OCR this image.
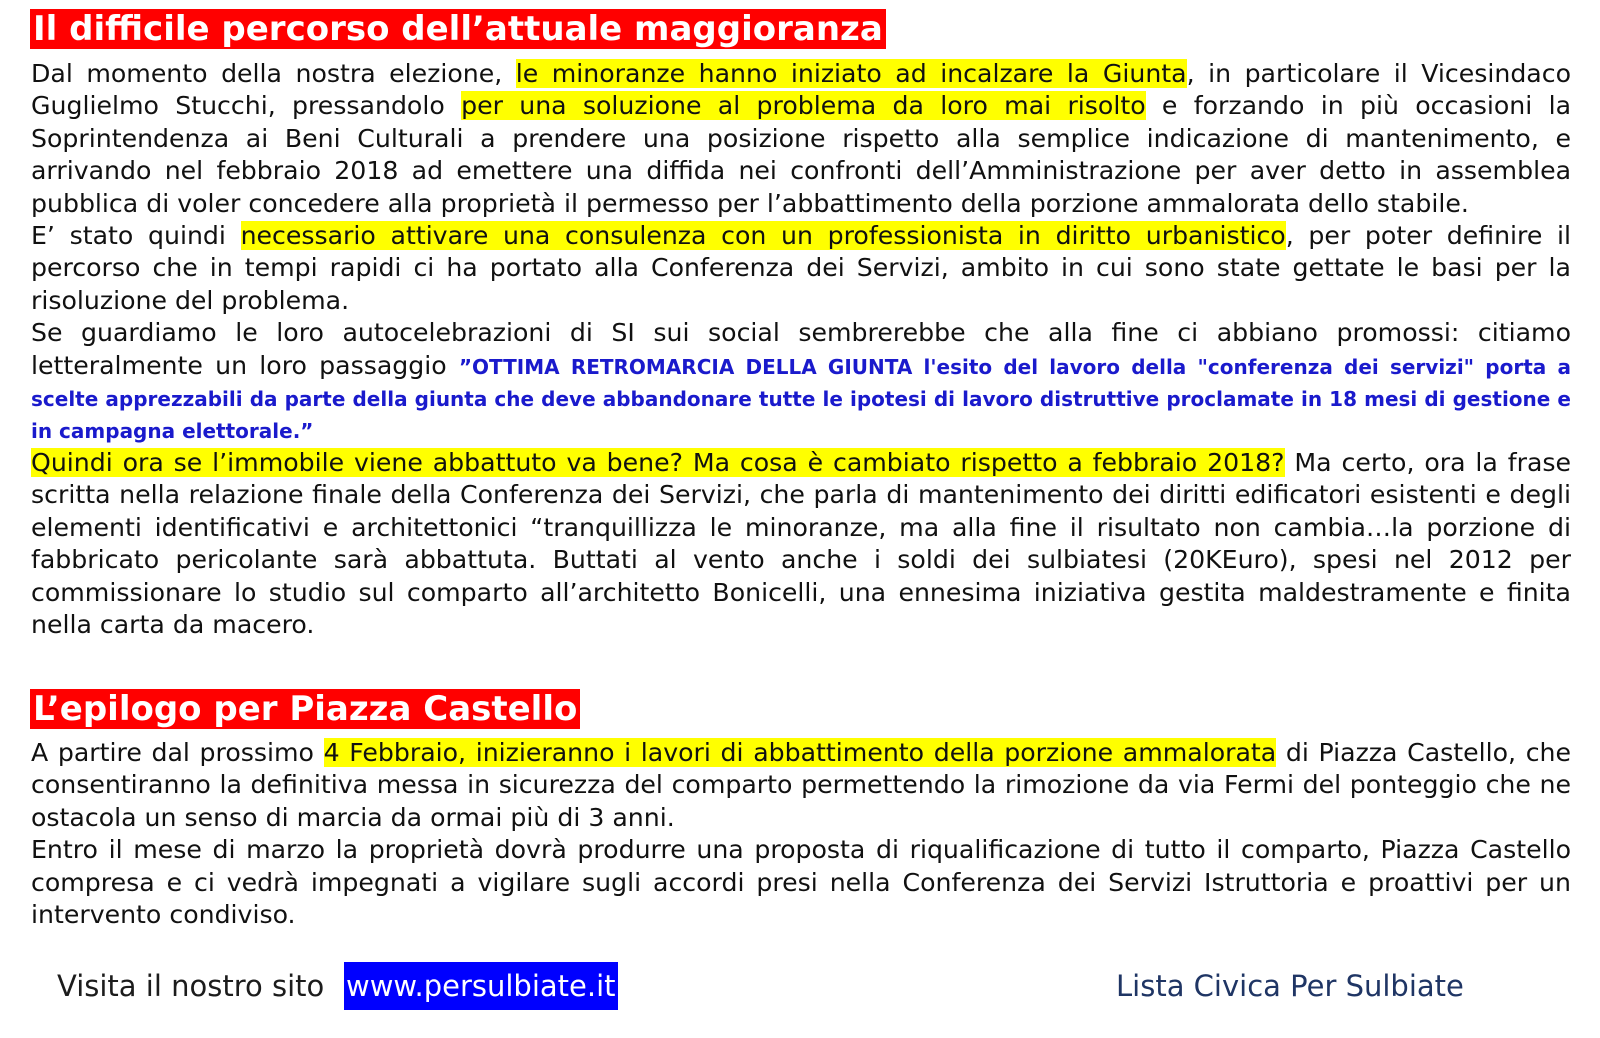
Il difficile percorso dell’attuale maggioranza

Dal momento della nostra elezione, le minoranze hanno iniziato ad incalzare la Giunta, in particolare il Vicesindaco Guglielmo Stucchi, pressandolo per una soluzione al problema da loro mai risolto e forzando in più occasioni la Soprintendenza ai Beni Culturali a prendere una posizione rispetto alla semplice indicazione di mantenimento, e arrivando nel febbraio 2018 ad emettere una diffida nei confronti dell’Amministrazione per aver detto in assemblea pubblica di voler concedere alla proprietà il permesso per l’abbattimento della porzione ammalorata dello stabile.

E’ stato quindi necessario attivare una consulenza con un professionista in diritto urbanistico, per poter definire il percorso che in tempi rapidi ci ha portato alla Conferenza dei Servizi, ambito in cui sono state gettate le basi per la risoluzione del problema.

Se guardiamo le loro autocelebrazioni di SI sui social sembrerebbe che alla fine ci abbiano promossi: citiamo letteralmente un loro passaggio ”OTTIMA RETROMARCIA DELLA GIUNTA l'esito del lavoro della "conferenza dei servizi" porta a scelte apprezzabili da parte della giunta che deve abbandonare tutte le ipotesi di lavoro distruttive proclamate in 18 mesi di gestione e in campagna elettorale.”

Quindi ora se l’immobile viene abbattuto va bene? Ma cosa è cambiato rispetto a febbraio 2018? Ma certo, ora la frase scritta nella relazione finale della Conferenza dei Servizi, che parla di mantenimento dei diritti edificatori esistenti e degli elementi identificativi e architettonici “tranquillizza le minoranze, ma alla fine il risultato non cambia…la porzione di fabbricato pericolante sarà abbattuta. Buttati al vento anche i soldi dei sulbiatesi (20KEuro), spesi nel 2012 per commissionare lo studio sul comparto all’architetto Bonicelli, una ennesima iniziativa gestita maldestramente e finita nella carta da macero.

L’epilogo per Piazza Castello

A partire dal prossimo 4 Febbraio, inizieranno i lavori di abbattimento della porzione ammalorata di Piazza Castello, che consentiranno la definitiva messa in sicurezza del comparto permettendo la rimozione da via Fermi del ponteggio che ne ostacola un senso di marcia da ormai più di 3 anni.

Entro il mese di marzo la proprietà dovrà produrre una proposta di riqualificazione di tutto il comparto, Piazza Castello compresa e ci vedrà impegnati a vigilare sugli accordi presi nella Conferenza dei Servizi Istruttoria e proattivi per un intervento condiviso.

Visita il nostro sito www.persulbiate.it	Lista Civica Per Sulbiate
